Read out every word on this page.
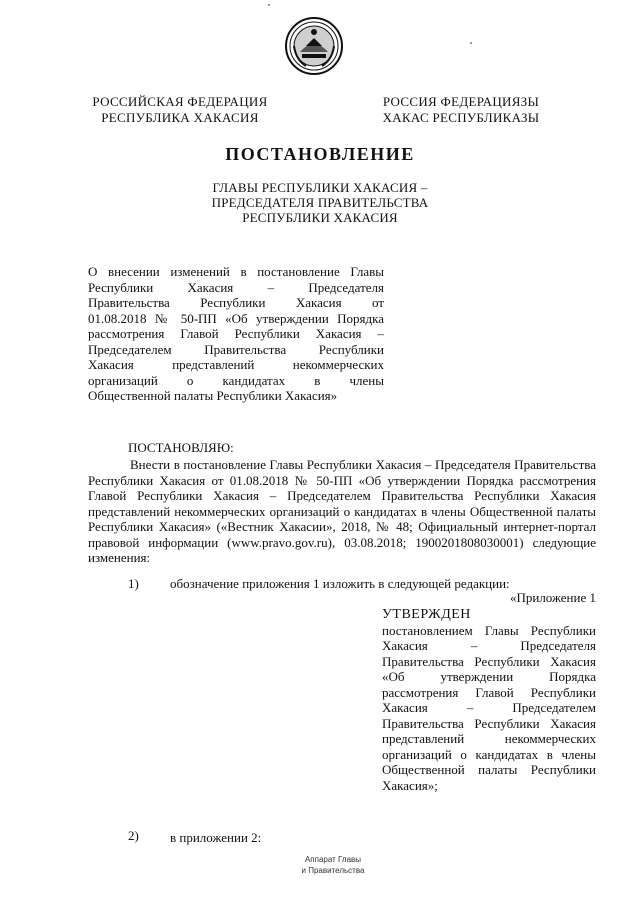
РОССИЙСКАЯ ФЕДЕРАЦИЯ
РЕСПУБЛИКА ХАКАСИЯ
РОССИЯ ФЕДЕРАЦИЯЗЫ
ХАКАС РЕСПУБЛИКАЗЫ
ПОСТАНОВЛЕНИЕ
ГЛАВЫ РЕСПУБЛИКИ ХАКАСИЯ –
ПРЕДСЕДАТЕЛЯ ПРАВИТЕЛЬСТВА
РЕСПУБЛИКИ ХАКАСИЯ
О внесении изменений в постановление Главы
Республики Хакасия – Председателя
Правительства Республики Хакасия от
01.08.2018 № 50-ПП «Об утверждении Порядка
рассмотрения Главой Республики Хакасия –
Председателем Правительства Республики
Хакасия представлений некоммерческих
организаций о кандидатах в члены
Общественной палаты Республики Хакасия»
ПОСТАНОВЛЯЮ:
Внести в постановление Главы Республики Хакасия – Председателя Правительства Республики Хакасия от 01.08.2018 № 50-ПП «Об утверждении Порядка рассмотрения Главой Республики Хакасия – Председателем Правительства Республики Хакасия представлений некоммерческих организаций о кандидатах в члены Общественной палаты Республики Хакасия» («Вестник Хакасии», 2018, № 48; Официальный интернет-портал правовой информации (www.pravo.gov.ru), 03.08.2018; 1900201808030001) следующие изменения:
1) обозначение приложения 1 изложить в следующей редакции:
«Приложение 1
УТВЕРЖДЕН
постановлением Главы Республики Хакасия – Председателя Правительства Республики Хакасия «Об утверждении Порядка рассмотрения Главой Республики Хакасия – Председателем Правительства Республики Хакасия представлений некоммерческих организаций о кандидатах в члены Общественной палаты Республики Хакасия»;
2) в приложении 2:
Аппарат Главы
и Правительства
